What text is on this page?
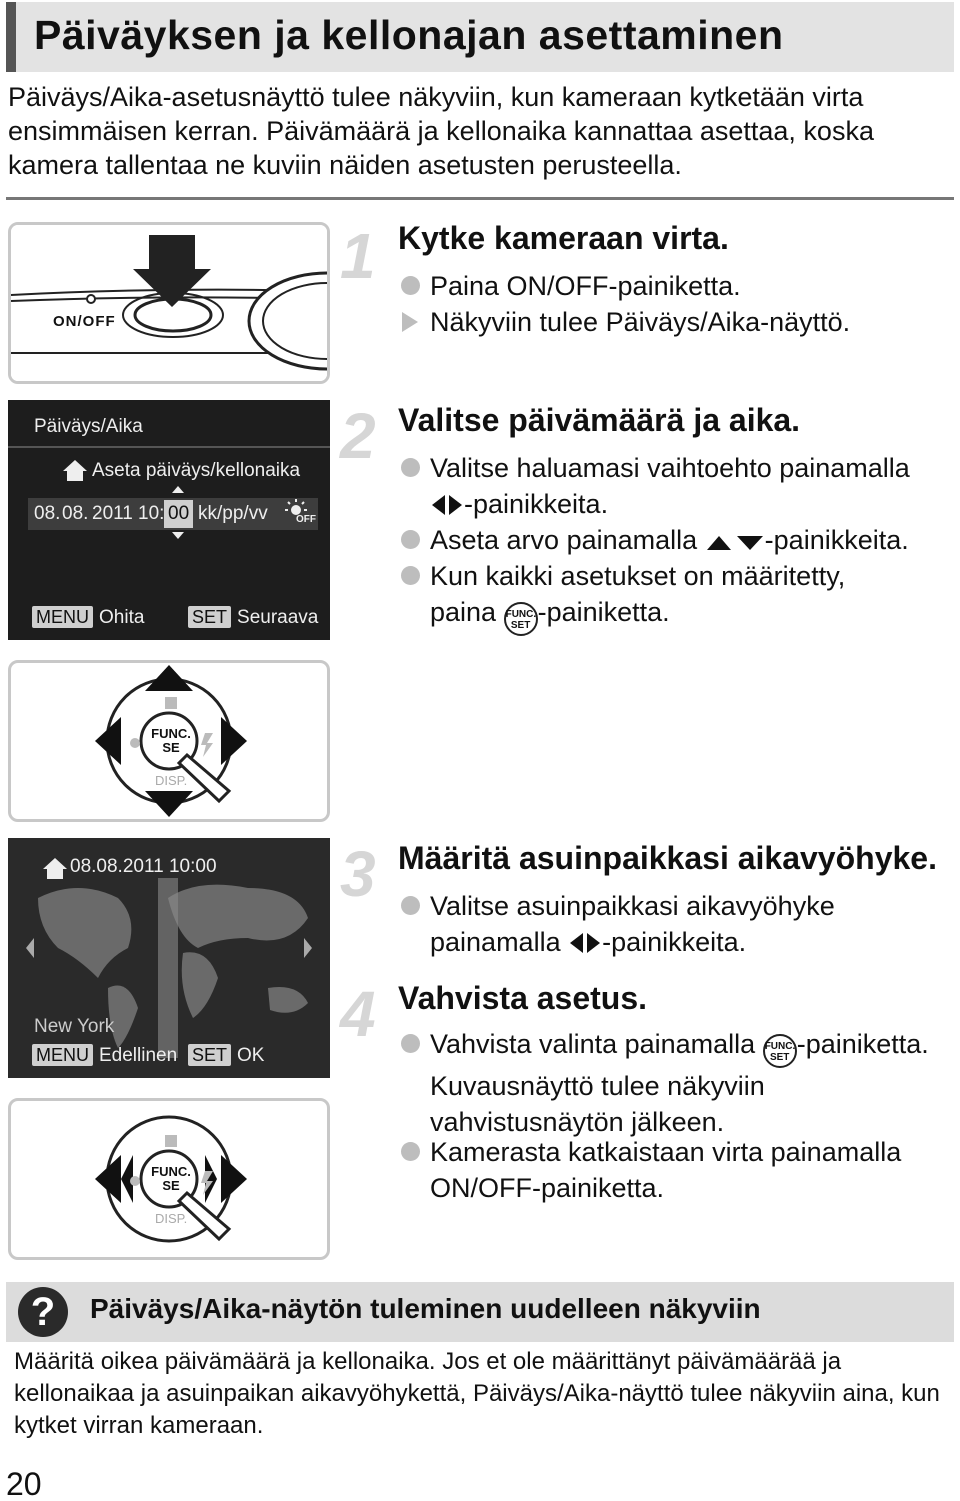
Päiväyksen ja kellonajan asettaminen

Päiväys/Aika-asetusnäyttö tulee näkyviin, kun kameraan kytketään virta ensimmäisen kerran. Päivämäärä ja kellonaika kannattaa asettaa, koska kamera tallentaa ne kuviin näiden asetusten perusteella.

ON/OFF
1 Kytke kameraan virta.
Paina ON/OFF-painiketta.
Näkyviin tulee Päiväys/Aika-näyttö.
Päiväys/Aika
Aseta päiväys/kellonaika
08. 08. 2011 10: 00 kk/pp/vv	OFF
MENU Ohita	SET Seuraava
2 Valitse päivämäärä ja aika.
Valitse haluamasi vaihtoehto painamalla
-painikkeita.
Aseta arvo painamalla	-painikkeita.
Kun kaikki asetukset on määritetty,
paina FUNC.
SET -painiketta.
FUNC.
SE
DISP.
08.08.2011 10:00
New York
MENU Edellinen SET OK
3 Määritä asuinpaikkasi aikavyöhyke.
Valitse asuinpaikkasi aikavyöhyke
painamalla -painikkeita.
4 Vahvista asetus.
Vahvista valinta painamalla FUNC.
SET -painiketta.
Kuvausnäyttö tulee näkyviin
vahvistusnäytön jälkeen.
Kamerasta katkaistaan virta painamalla
ON/OFF-painiketta.
FUNC.
SE
DISP.
?	Päiväys/Aika-näytön tuleminen uudelleen näkyviin

Määritä oikea päivämäärä ja kellonaika. Jos et ole määrittänyt päivämäärää ja kellonaikaa ja asuinpaikan aikavyöhykettä, Päiväys/Aika-näyttö tulee näkyviin aina, kun kytket virran kameraan.

20
